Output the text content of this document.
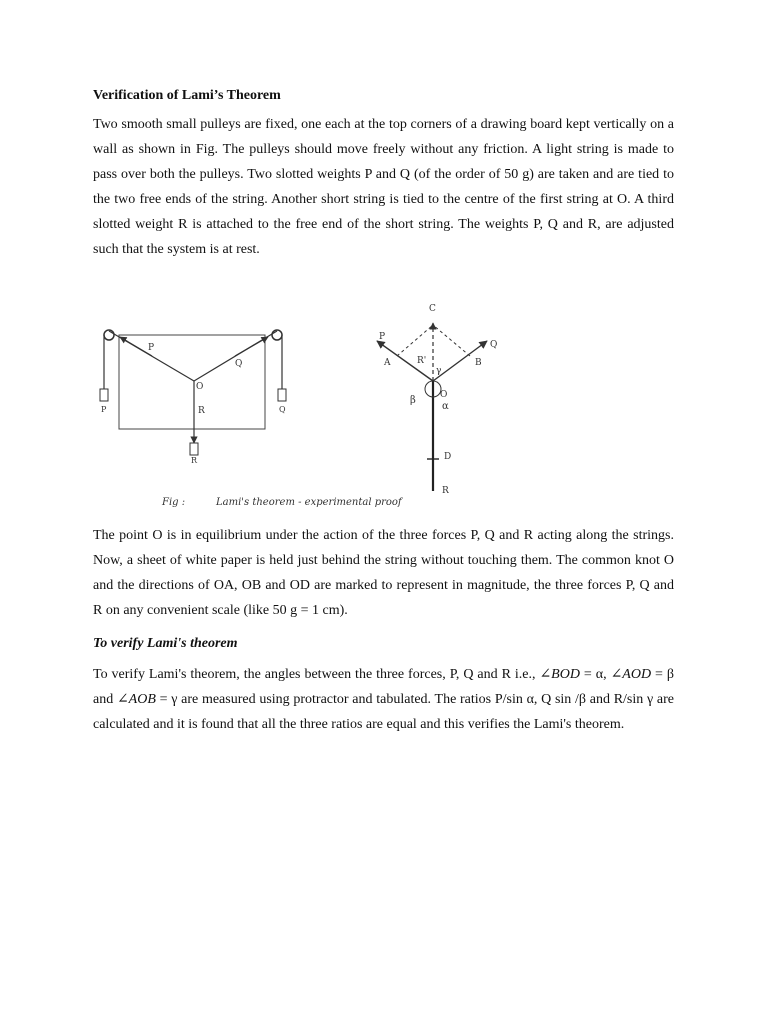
Verification of Lami’s Theorem

Two smooth small pulleys are fixed, one each at the top corners of a drawing board kept vertically on a wall as shown in Fig. The pulleys should move freely without any friction. A light string is made to pass over both the pulleys. Two slotted weights P and Q (of the order of 50 g) are taken and are tied to the two free ends of the string. Another short string is tied to the centre of the first string at O. A third slotted weight R is attached to the free end of the short string. The weights P, Q and R, are adjusted such that the system is at rest.

P
Q
O
R
P	Q
R
C
P
Q
A	B
R'
γ
O
β
α
D
R
Fig :	Lami's theorem - experimental proof

The point O is in equilibrium under the action of the three forces P, Q and R acting along the strings. Now, a sheet of white paper is held just behind the string without touching them. The common knot O and the directions of OA, OB and OD are marked to represent in magnitude, the three forces P, Q and R on any convenient scale (like 50 g = 1 cm).

To verify Lami's theorem

To verify Lami's theorem, the angles between the three forces, P, Q and R i.e., ∠BOD = α, ∠AOD = β and ∠AOB = γ are measured using protractor and tabulated. The ratios P/sin α, Q sin /β and R/sin γ are calculated and it is found that all the three ratios are equal and this verifies the Lami's theorem.
